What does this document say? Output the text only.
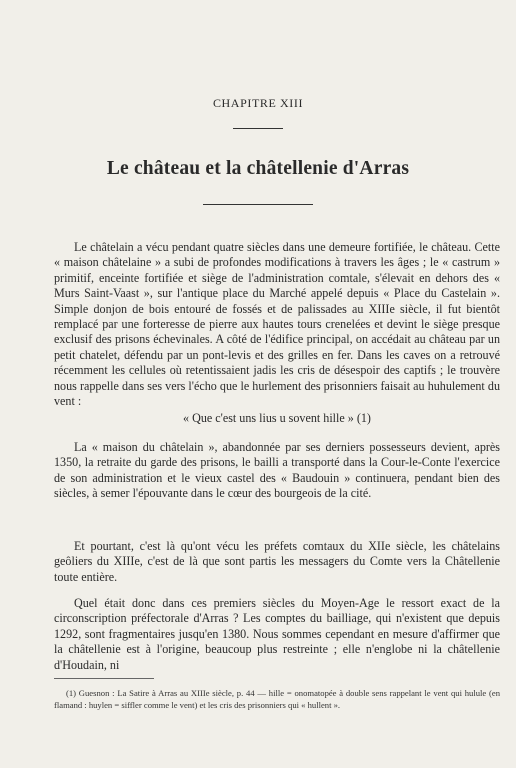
CHAPITRE XIII
Le château et la châtellenie d'Arras

Le châtelain a vécu pendant quatre siècles dans une demeure fortifiée, le château. Cette « maison châtelaine » a subi de profondes modifications à travers les âges ; le « castrum » primitif, enceinte fortifiée et siège de l'administration comtale, s'élevait en dehors des « Murs Saint-Vaast », sur l'antique place du Marché appelé depuis « Place du Castelain ». Simple donjon de bois entouré de fossés et de palissades au XIIIe siècle, il fut bientôt remplacé par une forteresse de pierre aux hautes tours crenelées et devint le siège presque exclusif des prisons échevinales. A côté de l'édifice principal, on accédait au château par un petit chatelet, défendu par un pont-levis et des grilles en fer. Dans les caves on a retrouvé récemment les cellules où retentissaient jadis les cris de désespoir des captifs ; le trouvère nous rappelle dans ses vers l'écho que le hurlement des prisonniers faisait au huhulement du vent :

« Que c'est uns lius u sovent hille » (1)

La « maison du châtelain », abandonnée par ses derniers possesseurs devient, après 1350, la retraite du garde des prisons, le bailli a transporté dans la Cour-le-Conte l'exercice de son administration et le vieux castel des « Baudouin » continuera, pendant bien des siècles, à semer l'épouvante dans le cœur des bourgeois de la cité.

Et pourtant, c'est là qu'ont vécu les préfets comtaux du XIIe siècle, les châtelains geôliers du XIIIe, c'est de là que sont partis les messagers du Comte vers la Châtellenie toute entière.

Quel était donc dans ces premiers siècles du Moyen-Age le ressort exact de la circonscription préfectorale d'Arras ? Les comptes du bailliage, qui n'existent que depuis 1292, sont fragmentaires jusqu'en 1380. Nous sommes cependant en mesure d'affirmer que la châtellenie est à l'origine, beaucoup plus restreinte ; elle n'englobe ni la châtellenie d'Houdain, ni

(1) Guesnon : La Satire à Arras au XIIIe siècle, p. 44 — hille = onomatopée à double sens rappelant le vent qui hulule (en flamand : huylen = siffler comme le vent) et les cris des prisonniers qui « hullent ».
